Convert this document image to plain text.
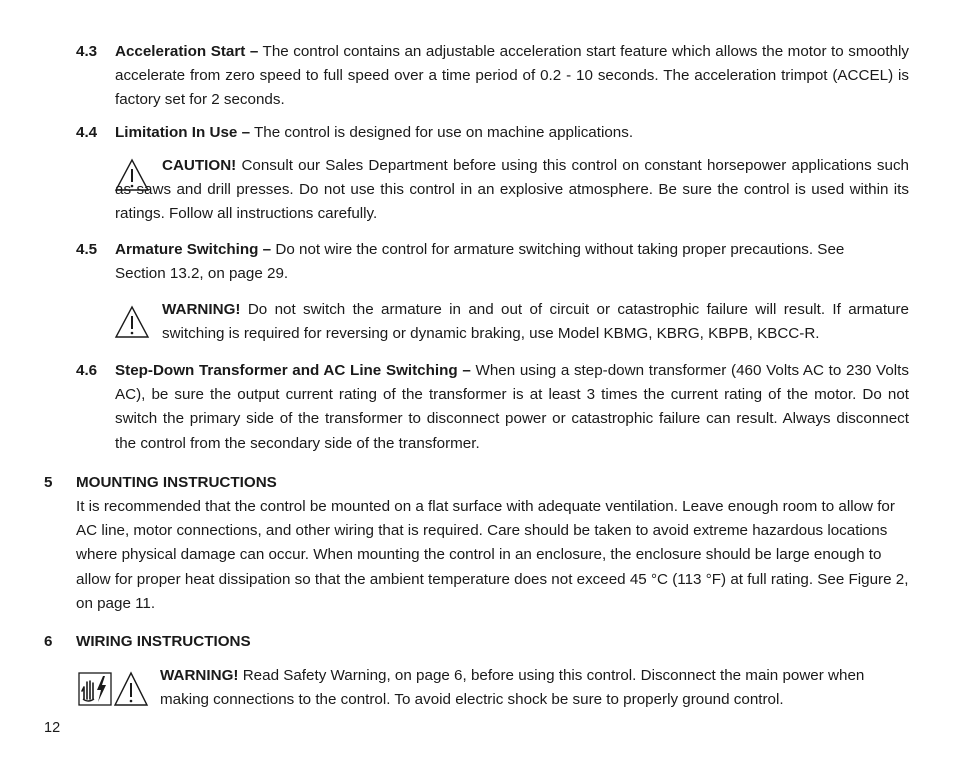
4.3 Acceleration Start – The control contains an adjustable acceleration start feature which allows the motor to smoothly accelerate from zero speed to full speed over a time period of 0.2 - 10 seconds. The acceleration trimpot (ACCEL) is factory set for 2 seconds.

4.4 Limitation In Use – The control is designed for use on machine applications.

CAUTION! Consult our Sales Department before using this control on constant horsepower applications such as saws and drill presses. Do not use this control in an explosive atmosphere. Be sure the control is used within its ratings. Follow all instructions carefully.

4.5 Armature Switching – Do not wire the control for armature switching without taking proper precautions. See Section 13.2, on page 29.

WARNING! Do not switch the armature in and out of circuit or catastrophic failure will result. If armature switching is required for reversing or dynamic braking, use Model KBMG, KBRG, KBPB, KBCC-R.

4.6 Step-Down Transformer and AC Line Switching – When using a step-down transformer (460 Volts AC to 230 Volts AC), be sure the output current rating of the transformer is at least 3 times the current rating of the motor. Do not switch the primary side of the transformer to disconnect power or catastrophic failure can result. Always disconnect the control from the secondary side of the transformer.

5 MOUNTING INSTRUCTIONS

It is recommended that the control be mounted on a flat surface with adequate ventilation. Leave enough room to allow for AC line, motor connections, and other wiring that is required. Care should be taken to avoid extreme hazardous locations where physical damage can occur. When mounting the control in an enclosure, the enclosure should be large enough to allow for proper heat dissipation so that the ambient temperature does not exceed 45 °C (113 °F) at full rating. See Figure 2, on page 11.

6 WIRING INSTRUCTIONS

WARNING! Read Safety Warning, on page 6, before using this control. Disconnect the main power when making connections to the control. To avoid electric shock be sure to properly ground control.

12
